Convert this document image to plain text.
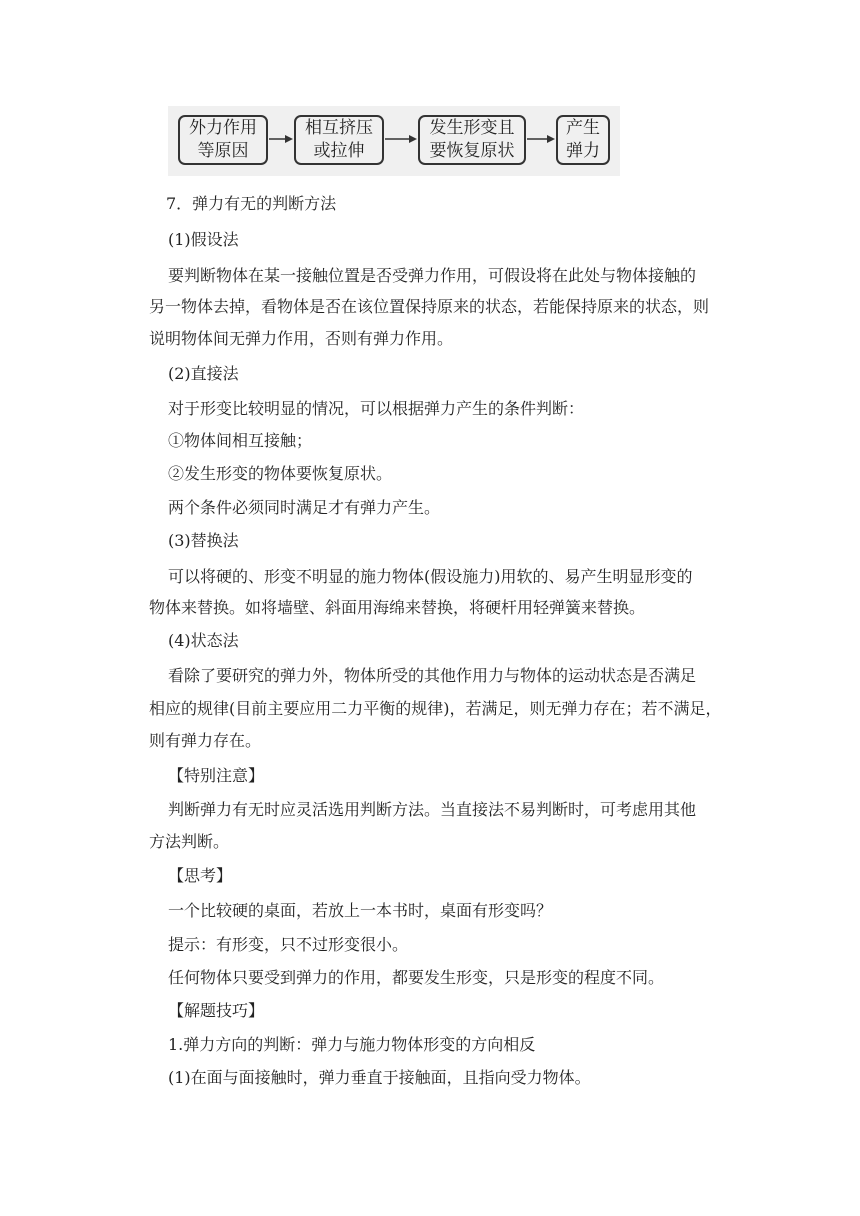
外力作用
等原因
相互挤压
或拉伸
发生形变且
要恢复原状
产生
弹力
7．弹力有无的判断方法
(1)假设法
要判断物体在某一接触位置是否受弹力作用，可假设将在此处与物体接触的
另一物体去掉，看物体是否在该位置保持原来的状态，若能保持原来的状态，则
说明物体间无弹力作用，否则有弹力作用。
(2)直接法
对于形变比较明显的情况，可以根据弹力产生的条件判断：
①物体间相互接触；
②发生形变的物体要恢复原状。
两个条件必须同时满足才有弹力产生。
(3)替换法
可以将硬的、形变不明显的施力物体(假设施力)用软的、易产生明显形变的
物体来替换。如将墙壁、斜面用海绵来替换，将硬杆用轻弹簧来替换。
(4)状态法
看除了要研究的弹力外，物体所受的其他作用力与物体的运动状态是否满足
相应的规律(目前主要应用二力平衡的规律)，若满足，则无弹力存在；若不满足，
则有弹力存在。
【特别注意】
判断弹力有无时应灵活选用判断方法。当直接法不易判断时，可考虑用其他
方法判断。
【思考】
一个比较硬的桌面，若放上一本书时，桌面有形变吗？
提示：有形变，只不过形变很小。
任何物体只要受到弹力的作用，都要发生形变，只是形变的程度不同。
【解题技巧】
1.弹力方向的判断：弹力与施力物体形变的方向相反
(1)在面与面接触时，弹力垂直于接触面，且指向受力物体。
